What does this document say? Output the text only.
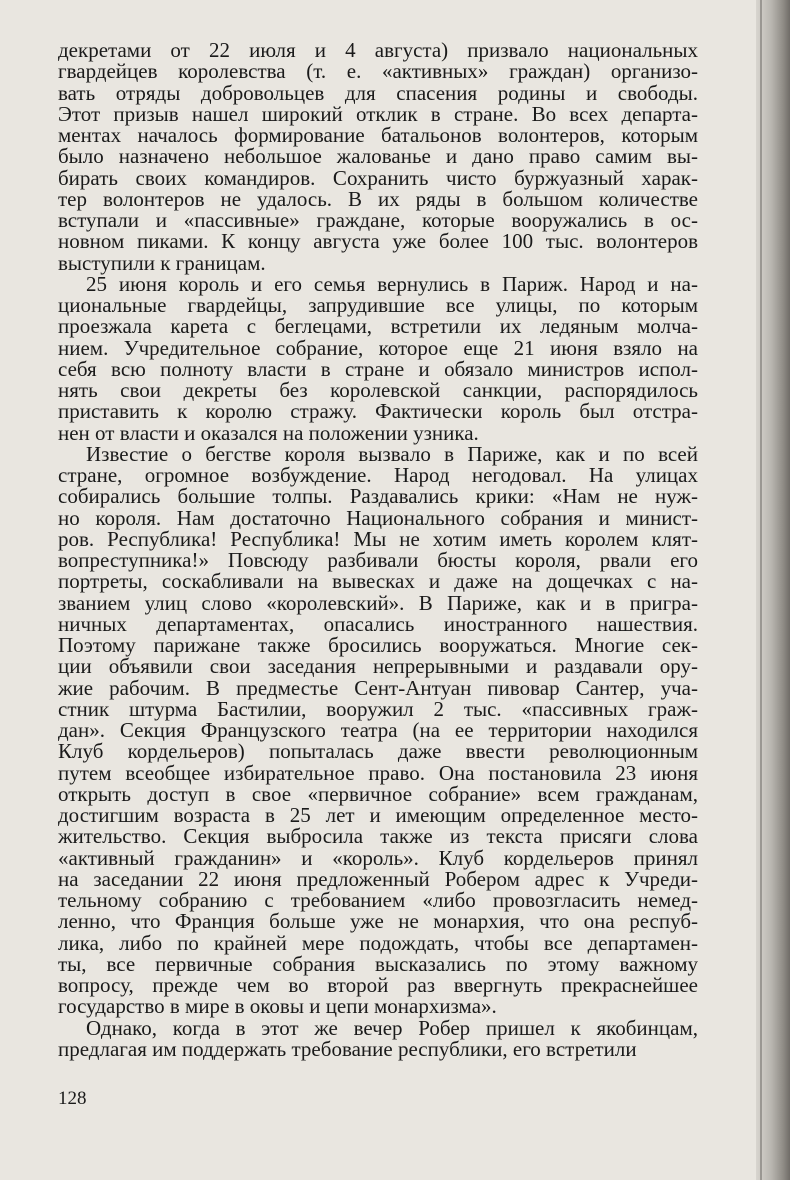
декретами от 22 июля и 4 августа) призвало национальных
гвардейцев королевства (т. е. «активных» граждан) организо-
вать отряды добровольцев для спасения родины и свободы.
Этот призыв нашел широкий отклик в стране. Во всех департа-
ментах началось формирование батальонов волонтеров, которым
было назначено небольшое жалованье и дано право самим вы-
бирать своих командиров. Сохранить чисто буржуазный харак-
тер волонтеров не удалось. В их ряды в большом количестве
вступали и «пассивные» граждане, которые вооружались в ос-
новном пиками. К концу августа уже более 100 тыс. волонтеров
выступили к границам.
25 июня король и его семья вернулись в Париж. Народ и на-
циональные гвардейцы, запрудившие все улицы, по которым
проезжала карета с беглецами, встретили их ледяным молча-
нием. Учредительное собрание, которое еще 21 июня взяло на
себя всю полноту власти в стране и обязало министров испол-
нять свои декреты без королевской санкции, распорядилось
приставить к королю стражу. Фактически король был отстра-
нен от власти и оказался на положении узника.
Известие о бегстве короля вызвало в Париже, как и по всей
стране, огромное возбуждение. Народ негодовал. На улицах
собирались большие толпы. Раздавались крики: «Нам не нуж-
но короля. Нам достаточно Национального собрания и минист-
ров. Республика! Республика! Мы не хотим иметь королем клят-
вопреступника!» Повсюду разбивали бюсты короля, рвали его
портреты, соскабливали на вывесках и даже на дощечках с на-
званием улиц слово «королевский». В Париже, как и в пригра-
ничных департаментах, опасались иностранного нашествия.
Поэтому парижане также бросились вооружаться. Многие сек-
ции объявили свои заседания непрерывными и раздавали ору-
жие рабочим. В предместье Сент-Антуан пивовар Сантер, уча-
стник штурма Бастилии, вооружил 2 тыс. «пассивных граж-
дан». Секция Французского театра (на ее территории находился
Клуб кордельеров) попыталась даже ввести революционным
путем всеобщее избирательное право. Она постановила 23 июня
открыть доступ в свое «первичное собрание» всем гражданам,
достигшим возраста в 25 лет и имеющим определенное место-
жительство. Секция выбросила также из текста присяги слова
«активный гражданин» и «король». Клуб кордельеров принял
на заседании 22 июня предложенный Робером адрес к Учреди-
тельному собранию с требованием «либо провозгласить немед-
ленно, что Франция больше уже не монархия, что она респуб-
лика, либо по крайней мере подождать, чтобы все департамен-
ты, все первичные собрания высказались по этому важному
вопросу, прежде чем во второй раз ввергнуть прекраснейшее
государство в мире в оковы и цепи монархизма».
Однако, когда в этот же вечер Робер пришел к якобинцам,
предлагая им поддержать требование республики, его встретили
128
